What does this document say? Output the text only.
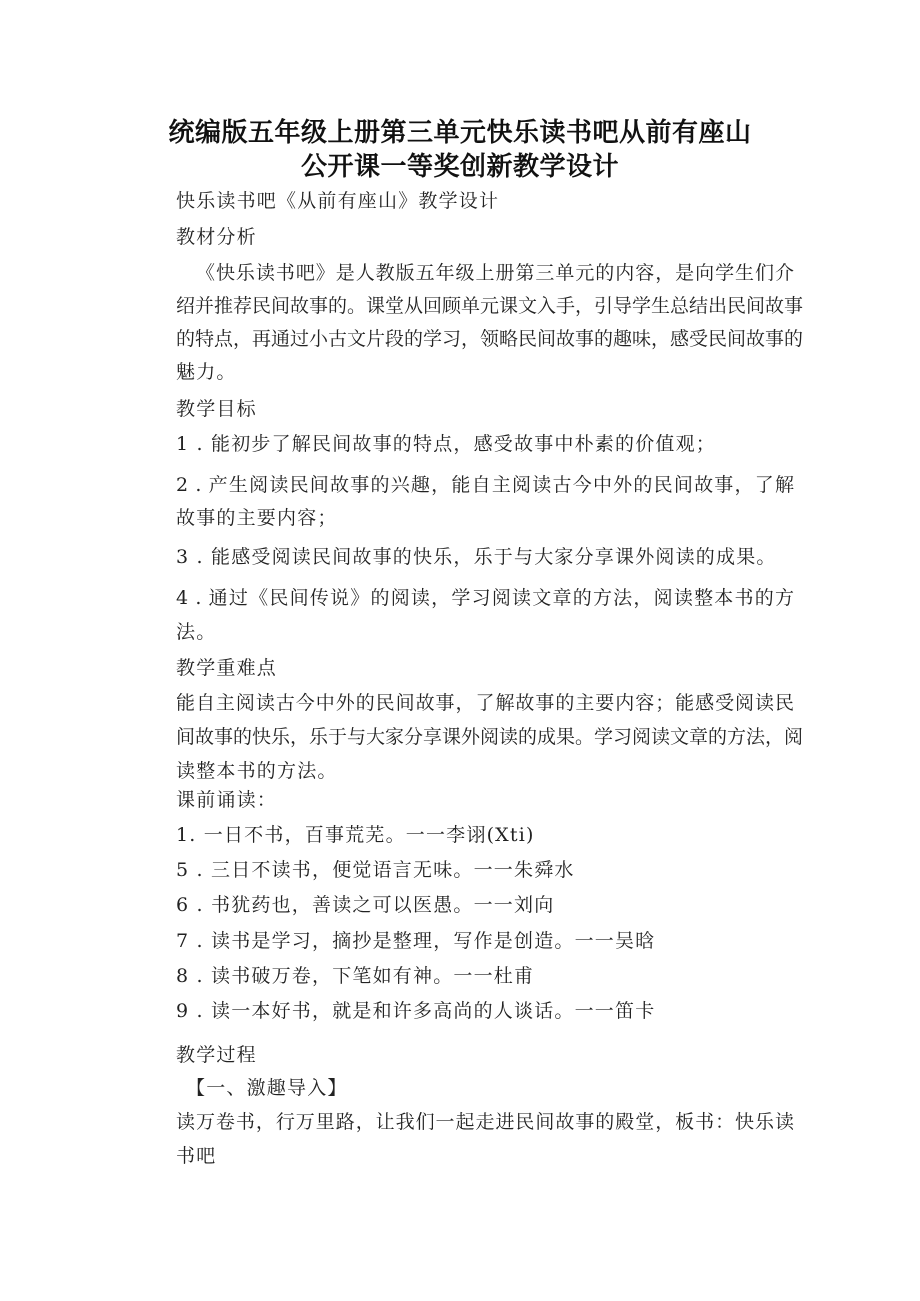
统编版五年级上册第三单元快乐读书吧从前有座山
公开课一等奖创新教学设计
快乐读书吧《从前有座山》教学设计
教材分析
《快乐读书吧》是人教版五年级上册第三单元的内容，是向学生们介
绍并推荐民间故事的。课堂从回顾单元课文入手，引导学生总结出民间故事
的特点，再通过小古文片段的学习，领略民间故事的趣味，感受民间故事的
魅力。
教学目标
1 . 能初步了解民间故事的特点，感受故事中朴素的价值观；
2 . 产生阅读民间故事的兴趣，能自主阅读古今中外的民间故事，了解
故事的主要内容；
3 . 能感受阅读民间故事的快乐，乐于与大家分享课外阅读的成果。
4 . 通过《民间传说》的阅读，学习阅读文章的方法，阅读整本书的方
法。
教学重难点
能自主阅读古今中外的民间故事，了解故事的主要内容；能感受阅读民
间故事的快乐，乐于与大家分享课外阅读的成果。学习阅读文章的方法，阅
读整本书的方法。
课前诵读：
1. 一日不书，百事荒芜。一一李诩(Xti)
5 . 三日不读书，便觉语言无味。一一朱舜水
6 . 书犹药也，善读之可以医愚。一一刘向
7 . 读书是学习，摘抄是整理，写作是创造。一一吴晗
8 . 读书破万卷，下笔如有神。一一杜甫
9 . 读一本好书，就是和许多高尚的人谈话。一一笛卡
教学过程
【一、激趣导入】
读万卷书，行万里路，让我们一起走进民间故事的殿堂，板书：快乐读
书吧
